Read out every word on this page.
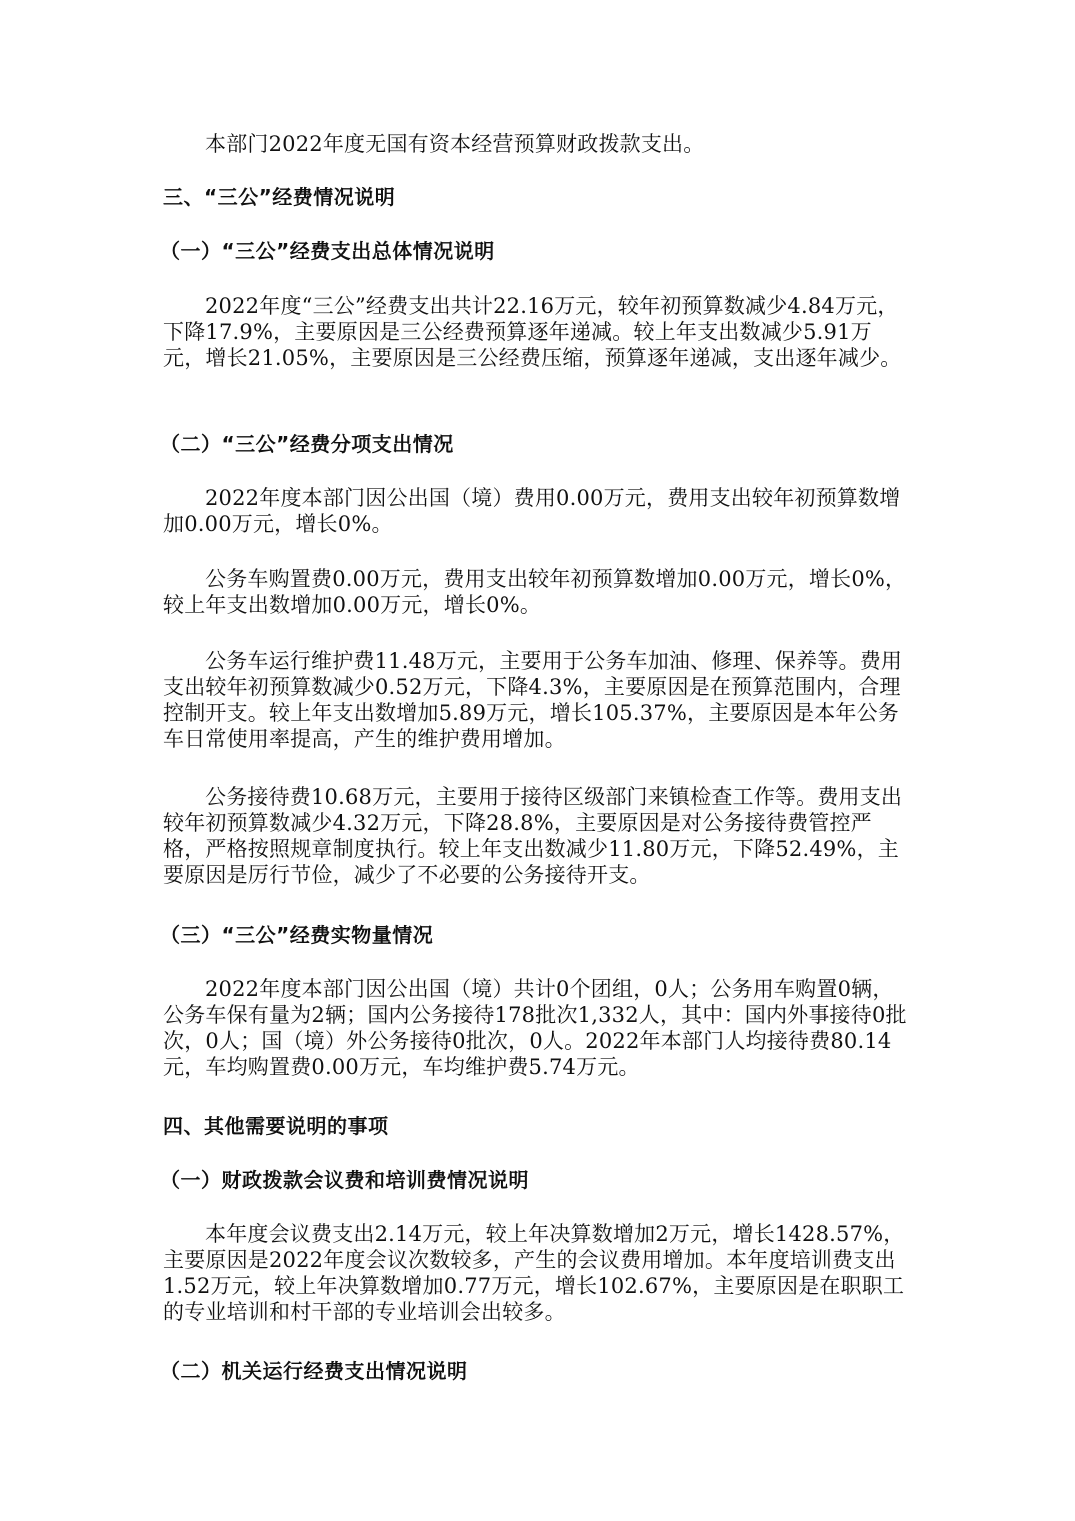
本部门2022年度无国有资本经营预算财政拨款支出。

三、“三公”经费情况说明

（一）“三公”经费支出总体情况说明

2022年度“三公”经费支出共计22.16万元，较年初预算数减少4.84万元，下降17.9%，主要原因是三公经费预算逐年递减。较上年支出数减少5.91万元，增长21.05%，主要原因是三公经费压缩，预算逐年递减，支出逐年减少。

（二）“三公”经费分项支出情况

2022年度本部门因公出国（境）费用0.00万元，费用支出较年初预算数增加0.00万元，增长0%。

公务车购置费0.00万元，费用支出较年初预算数增加0.00万元，增长0%，较上年支出数增加0.00万元，增长0%。

公务车运行维护费11.48万元，主要用于公务车加油、修理、保养等。费用支出较年初预算数减少0.52万元，下降4.3%，主要原因是在预算范围内，合理控制开支。较上年支出数增加5.89万元，增长105.37%，主要原因是本年公务车日常使用率提高，产生的维护费用增加。

公务接待费10.68万元，主要用于接待区级部门来镇检查工作等。费用支出较年初预算数减少4.32万元，下降28.8%，主要原因是对公务接待费管控严格，严格按照规章制度执行。较上年支出数减少11.80万元，下降52.49%，主要原因是厉行节俭，减少了不必要的公务接待开支。

（三）“三公”经费实物量情况

2022年度本部门因公出国（境）共计0个团组，0人；公务用车购置0辆，公务车保有量为2辆；国内公务接待178批次1,332人，其中：国内外事接待0批次，0人；国（境）外公务接待0批次，0人。2022年本部门人均接待费80.14元，车均购置费0.00万元，车均维护费5.74万元。

四、其他需要说明的事项

（一）财政拨款会议费和培训费情况说明

本年度会议费支出2.14万元，较上年决算数增加2万元，增长1428.57%，主要原因是2022年度会议次数较多，产生的会议费用增加。本年度培训费支出1.52万元，较上年决算数增加0.77万元，增长102.67%，主要原因是在职职工的专业培训和村干部的专业培训会出较多。

（二）机关运行经费支出情况说明
